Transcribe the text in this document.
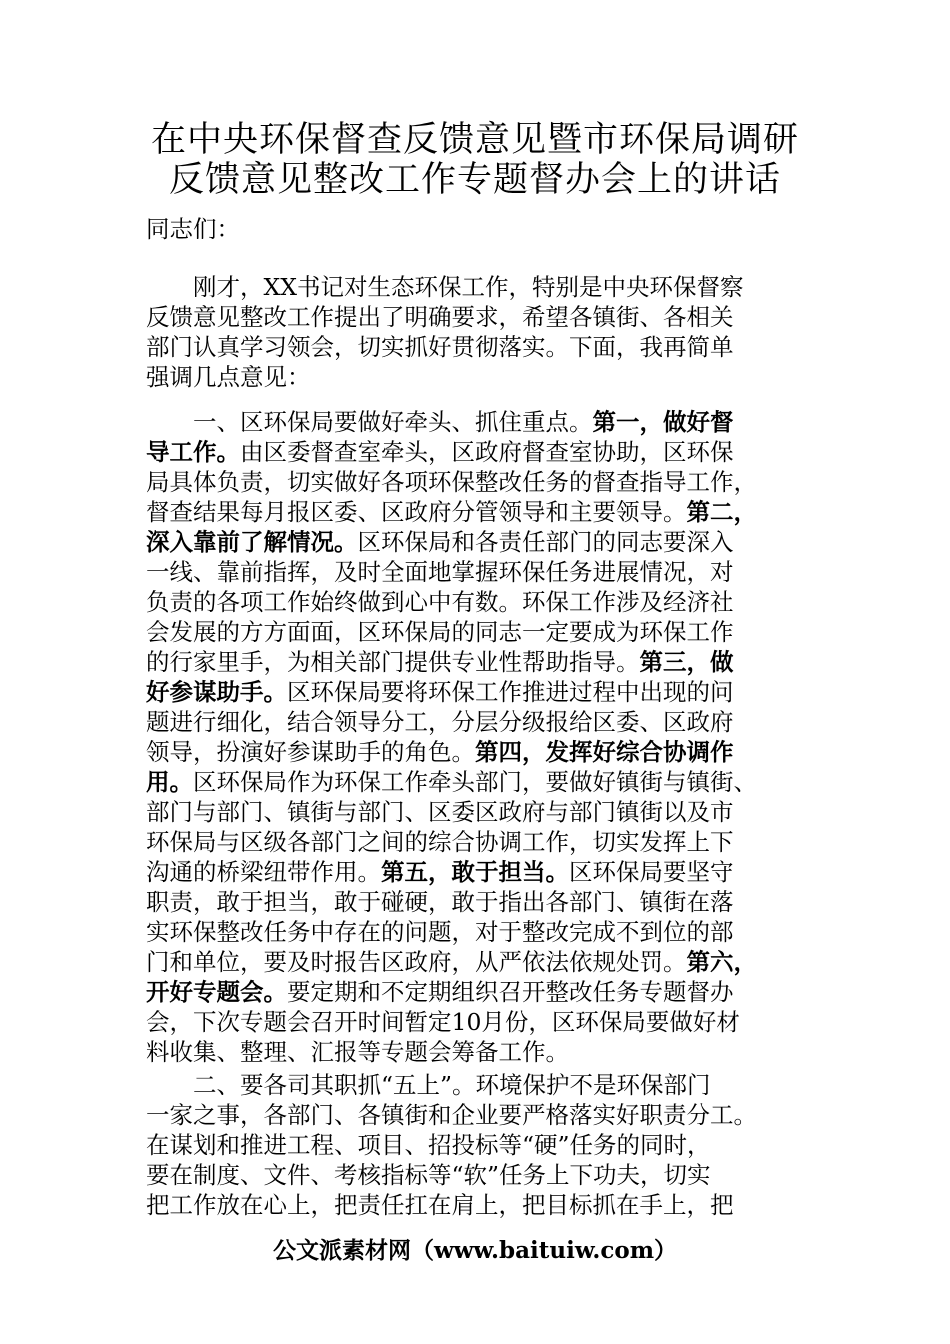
在中央环保督查反馈意见暨市环保局调研
反馈意见整改工作专题督办会上的讲话
同志们：
　　刚才，XX书记对生态环保工作，特别是中央环保督察
反馈意见整改工作提出了明确要求，希望各镇街、各相关
部门认真学习领会，切实抓好贯彻落实。下面，我再简单
强调几点意见：
　　一、区环保局要做好牵头、抓住重点。第一，做好督
导工作。由区委督查室牵头，区政府督查室协助，区环保
局具体负责，切实做好各项环保整改任务的督查指导工作，
督查结果每月报区委、区政府分管领导和主要领导。第二，
深入靠前了解情况。区环保局和各责任部门的同志要深入
一线、靠前指挥，及时全面地掌握环保任务进展情况，对
负责的各项工作始终做到心中有数。环保工作涉及经济社
会发展的方方面面，区环保局的同志一定要成为环保工作
的行家里手，为相关部门提供专业性帮助指导。第三，做
好参谋助手。区环保局要将环保工作推进过程中出现的问
题进行细化，结合领导分工，分层分级报给区委、区政府
领导，扮演好参谋助手的角色。第四，发挥好综合协调作
用。区环保局作为环保工作牵头部门，要做好镇街与镇街、
部门与部门、镇街与部门、区委区政府与部门镇街以及市
环保局与区级各部门之间的综合协调工作，切实发挥上下
沟通的桥梁纽带作用。第五，敢于担当。区环保局要坚守
职责，敢于担当，敢于碰硬，敢于指出各部门、镇街在落
实环保整改任务中存在的问题，对于整改完成不到位的部
门和单位，要及时报告区政府，从严依法依规处罚。第六，
开好专题会。要定期和不定期组织召开整改任务专题督办
会，下次专题会召开时间暂定10月份，区环保局要做好材
料收集、整理、汇报等专题会筹备工作。
　　二、要各司其职抓“五上”。环境保护不是环保部门
一家之事，各部门、各镇街和企业要严格落实好职责分工。
在谋划和推进工程、项目、招投标等“硬”任务的同时，
要在制度、文件、考核指标等“软”任务上下功夫，切实
把工作放在心上，把责任扛在肩上，把目标抓在手上，把
公文派素材网（www.baituiw.com）
